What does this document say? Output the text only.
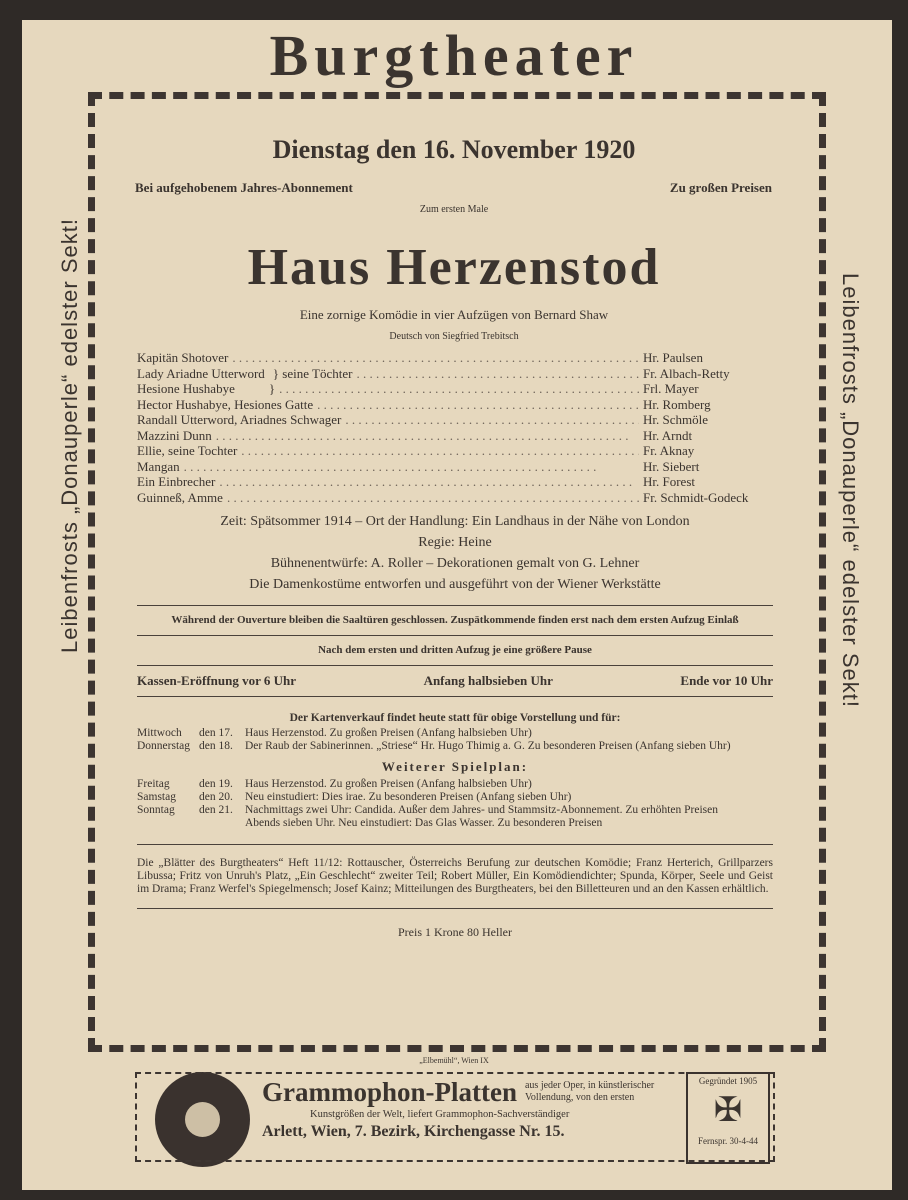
Burgtheater
Leibenfrosts „Donauperle“ edelster Sekt!	Leibenfrosts „Donauperle“ edelster Sekt!
Dienstag den 16. November 1920
Bei aufgehobenem Jahres-Abonnement	Zu großen Preisen
Zum ersten Male
Haus Herzenstod
Eine zornige Komödie in vier Aufzügen von Bernard Shaw
Deutsch von Siegfried Trebitsch
Kapitän Shotover . . .	Hr. Paulsen
Lady Ariadne Utterword } seine Töchter . . .	Fr. Albach-Retty
Hesione Hushabye	} . . .	Frl. Mayer
Hector Hushabye, Hesiones Gatte . . .	Hr. Romberg
Randall Utterword, Ariadnes Schwager . . .	Hr. Schmöle
Mazzini Dunn . . .	Hr. Arndt
Ellie, seine Tochter . . .	Fr. Aknay
Mangan . . .	Hr. Siebert
Ein Einbrecher . . .	Hr. Forest
Guinneß, Amme . . .	Fr. Schmidt-Godeck
Zeit: Spätsommer 1914 – Ort der Handlung: Ein Landhaus in der Nähe von London
Regie: Heine
Bühnenentwürfe: A. Roller – Dekorationen gemalt von G. Lehner
Die Damenkostüme entworfen und ausgeführt von der Wiener Werkstätte
Während der Ouverture bleiben die Saaltüren geschlossen. Zuspätkommende finden erst nach dem ersten Aufzug Einlaß
Nach dem ersten und dritten Aufzug je eine größere Pause
Kassen-Eröffnung vor 6 Uhr	Anfang halbsieben Uhr	Ende vor 10 Uhr
Der Kartenverkauf findet heute statt für obige Vorstellung und für:
Mittwoch	den 17.	Haus Herzenstod. Zu großen Preisen (Anfang halbsieben Uhr)
Donnerstag den 18.	Der Raub der Sabinerinnen. „Striese“ Hr. Hugo Thimig a. G. Zu besonderen Preisen (Anfang sieben Uhr)
Weiterer Spielplan:
Freitag	den 19.	Haus Herzenstod. Zu großen Preisen (Anfang halbsieben Uhr)
Samstag	den 20.	Neu einstudiert: Dies irae. Zu besonderen Preisen (Anfang sieben Uhr)
Sonntag	den 21.	Nachmittags zwei Uhr: Candida. Außer dem Jahres- und Stammsitz-Abonnement. Zu erhöhten Preisen
Abends sieben Uhr. Neu einstudiert: Das Glas Wasser. Zu besonderen Preisen
Die „Blätter des Burgtheaters“ Heft 11/12: Rottauscher, Österreichs Berufung zur deutschen Komödie; Franz Herterich, Grillparzers Libussa; Fritz von Unruh's Platz, „Ein Geschlecht“ zweiter Teil; Robert Müller, Ein Komödiendichter; Spunda, Körper, Seele und Geist im Drama; Franz Werfel's Spiegelmensch; Josef Kainz; Mitteilungen des Burgtheaters, bei den Billetteuren und an den Kassen erhältlich.
Preis 1 Krone 80 Heller
„Elbemühl“, Wien IX
Grammophon-Platten aus jeder Oper, in künstlerischer Vollendung, von den ersten
Kunstgrößen der Welt, liefert Grammophon-Sachverständiger
Arlett, Wien, 7. Bezirk, Kirchengasse Nr. 15.
Gegründet 1905
✠
Fernspr. 30-4-44
